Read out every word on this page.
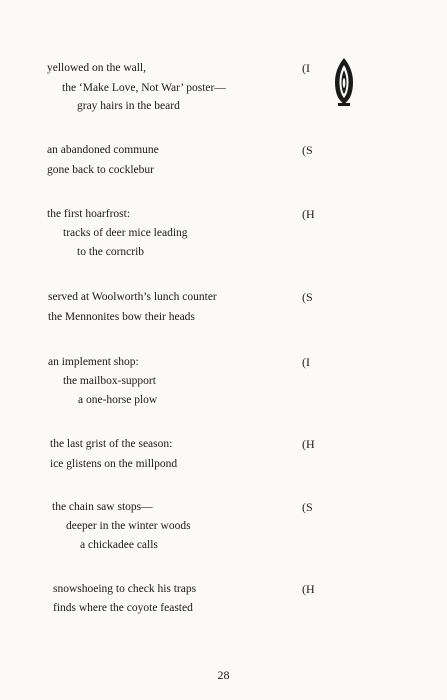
yellowed on the wall,
the ‘Make Love, Not War’ poster—
gray hairs in the beard
(I
an abandoned commune
gone back to cocklebur
(S
the first hoarfrost:
tracks of deer mice leading
to the corncrib
(H
served at Woolworth’s lunch counter
the Mennonites bow their heads
(S
an implement shop:
the mailbox-support
a one-horse plow
(I
the last grist of the season:
ice glistens on the millpond
(H
the chain saw stops—
deeper in the winter woods
a chickadee calls
(S
snowshoeing to check his traps
finds where the coyote feasted
(H
28
